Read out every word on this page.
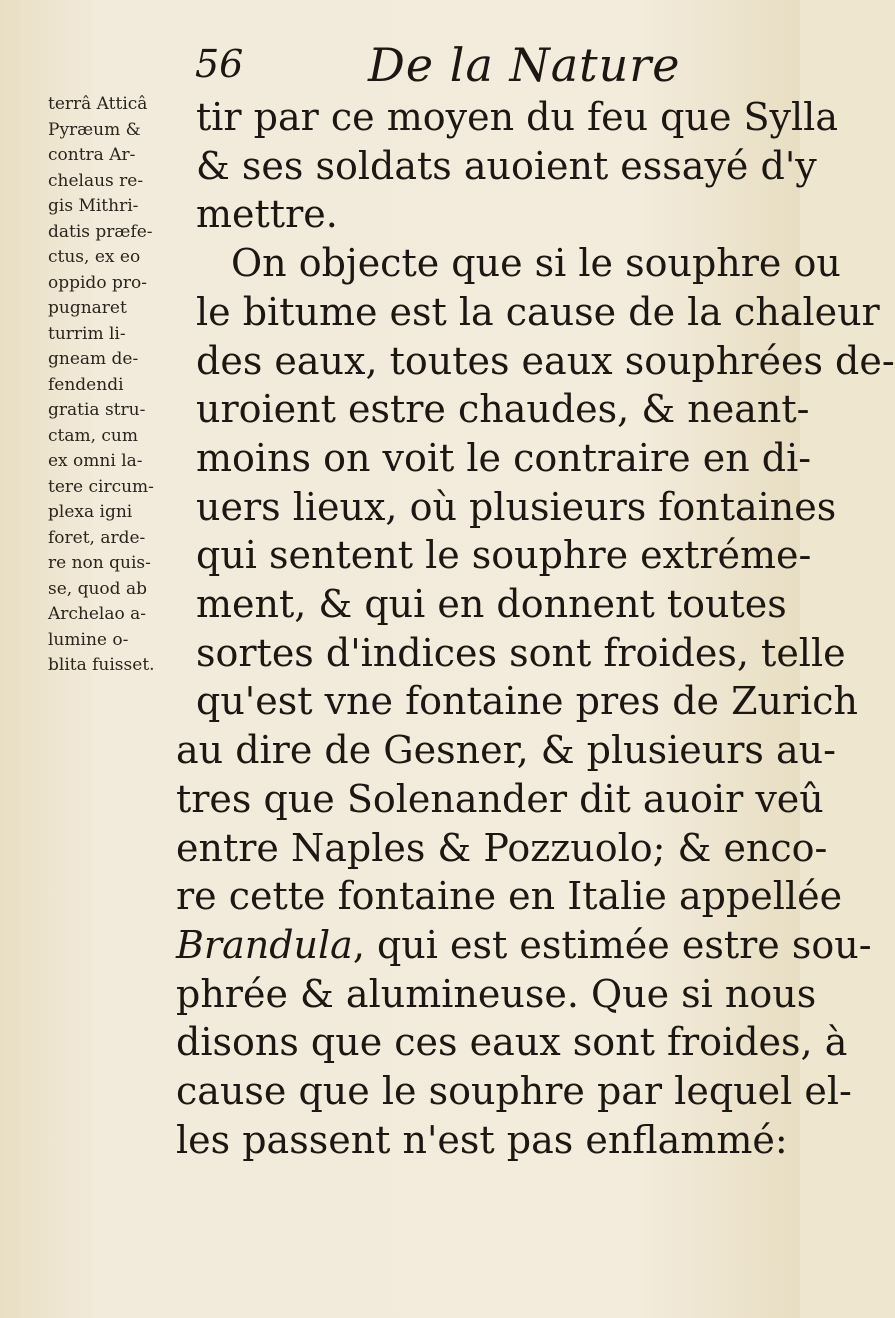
56	De la Nature
terrâ Atticâ
Pyræum &
contra Ar-
chelaus re-
gis Mithri-
datis præfe-
ctus, ex eo
oppido pro-
pugnaret
turrim li-
gneam de-
fendendi
gratia stru-
ctam, cum
ex omni la-
tere circum-
plexa igni
foret, arde-
re non quis-
se, quod ab
Archelao a-
lumine o-
blita fuisset.
tir par ce moyen du feu que Sylla
& ses soldats auoient essayé d'y
mettre.
On objecte que si le souphre ou
le bitume est la cause de la chaleur
des eaux, toutes eaux souphrées de-
uroient estre chaudes, & neant-
moins on voit le contraire en di-
uers lieux, où plusieurs fontaines
qui sentent le souphre extréme-
ment, & qui en donnent toutes
sortes d'indices sont froides, telle
qu'est vne fontaine pres de Zurich
au dire de Gesner, & plusieurs au-
tres que Solenander dit auoir veû
entre Naples & Pozzuolo; & enco-
re cette fontaine en Italie appellée
Brandula, qui est estimée estre sou-
phrée & alumineuse. Que si nous
disons que ces eaux sont froides, à
cause que le souphre par lequel el-
les passent n'est pas enflammé:
